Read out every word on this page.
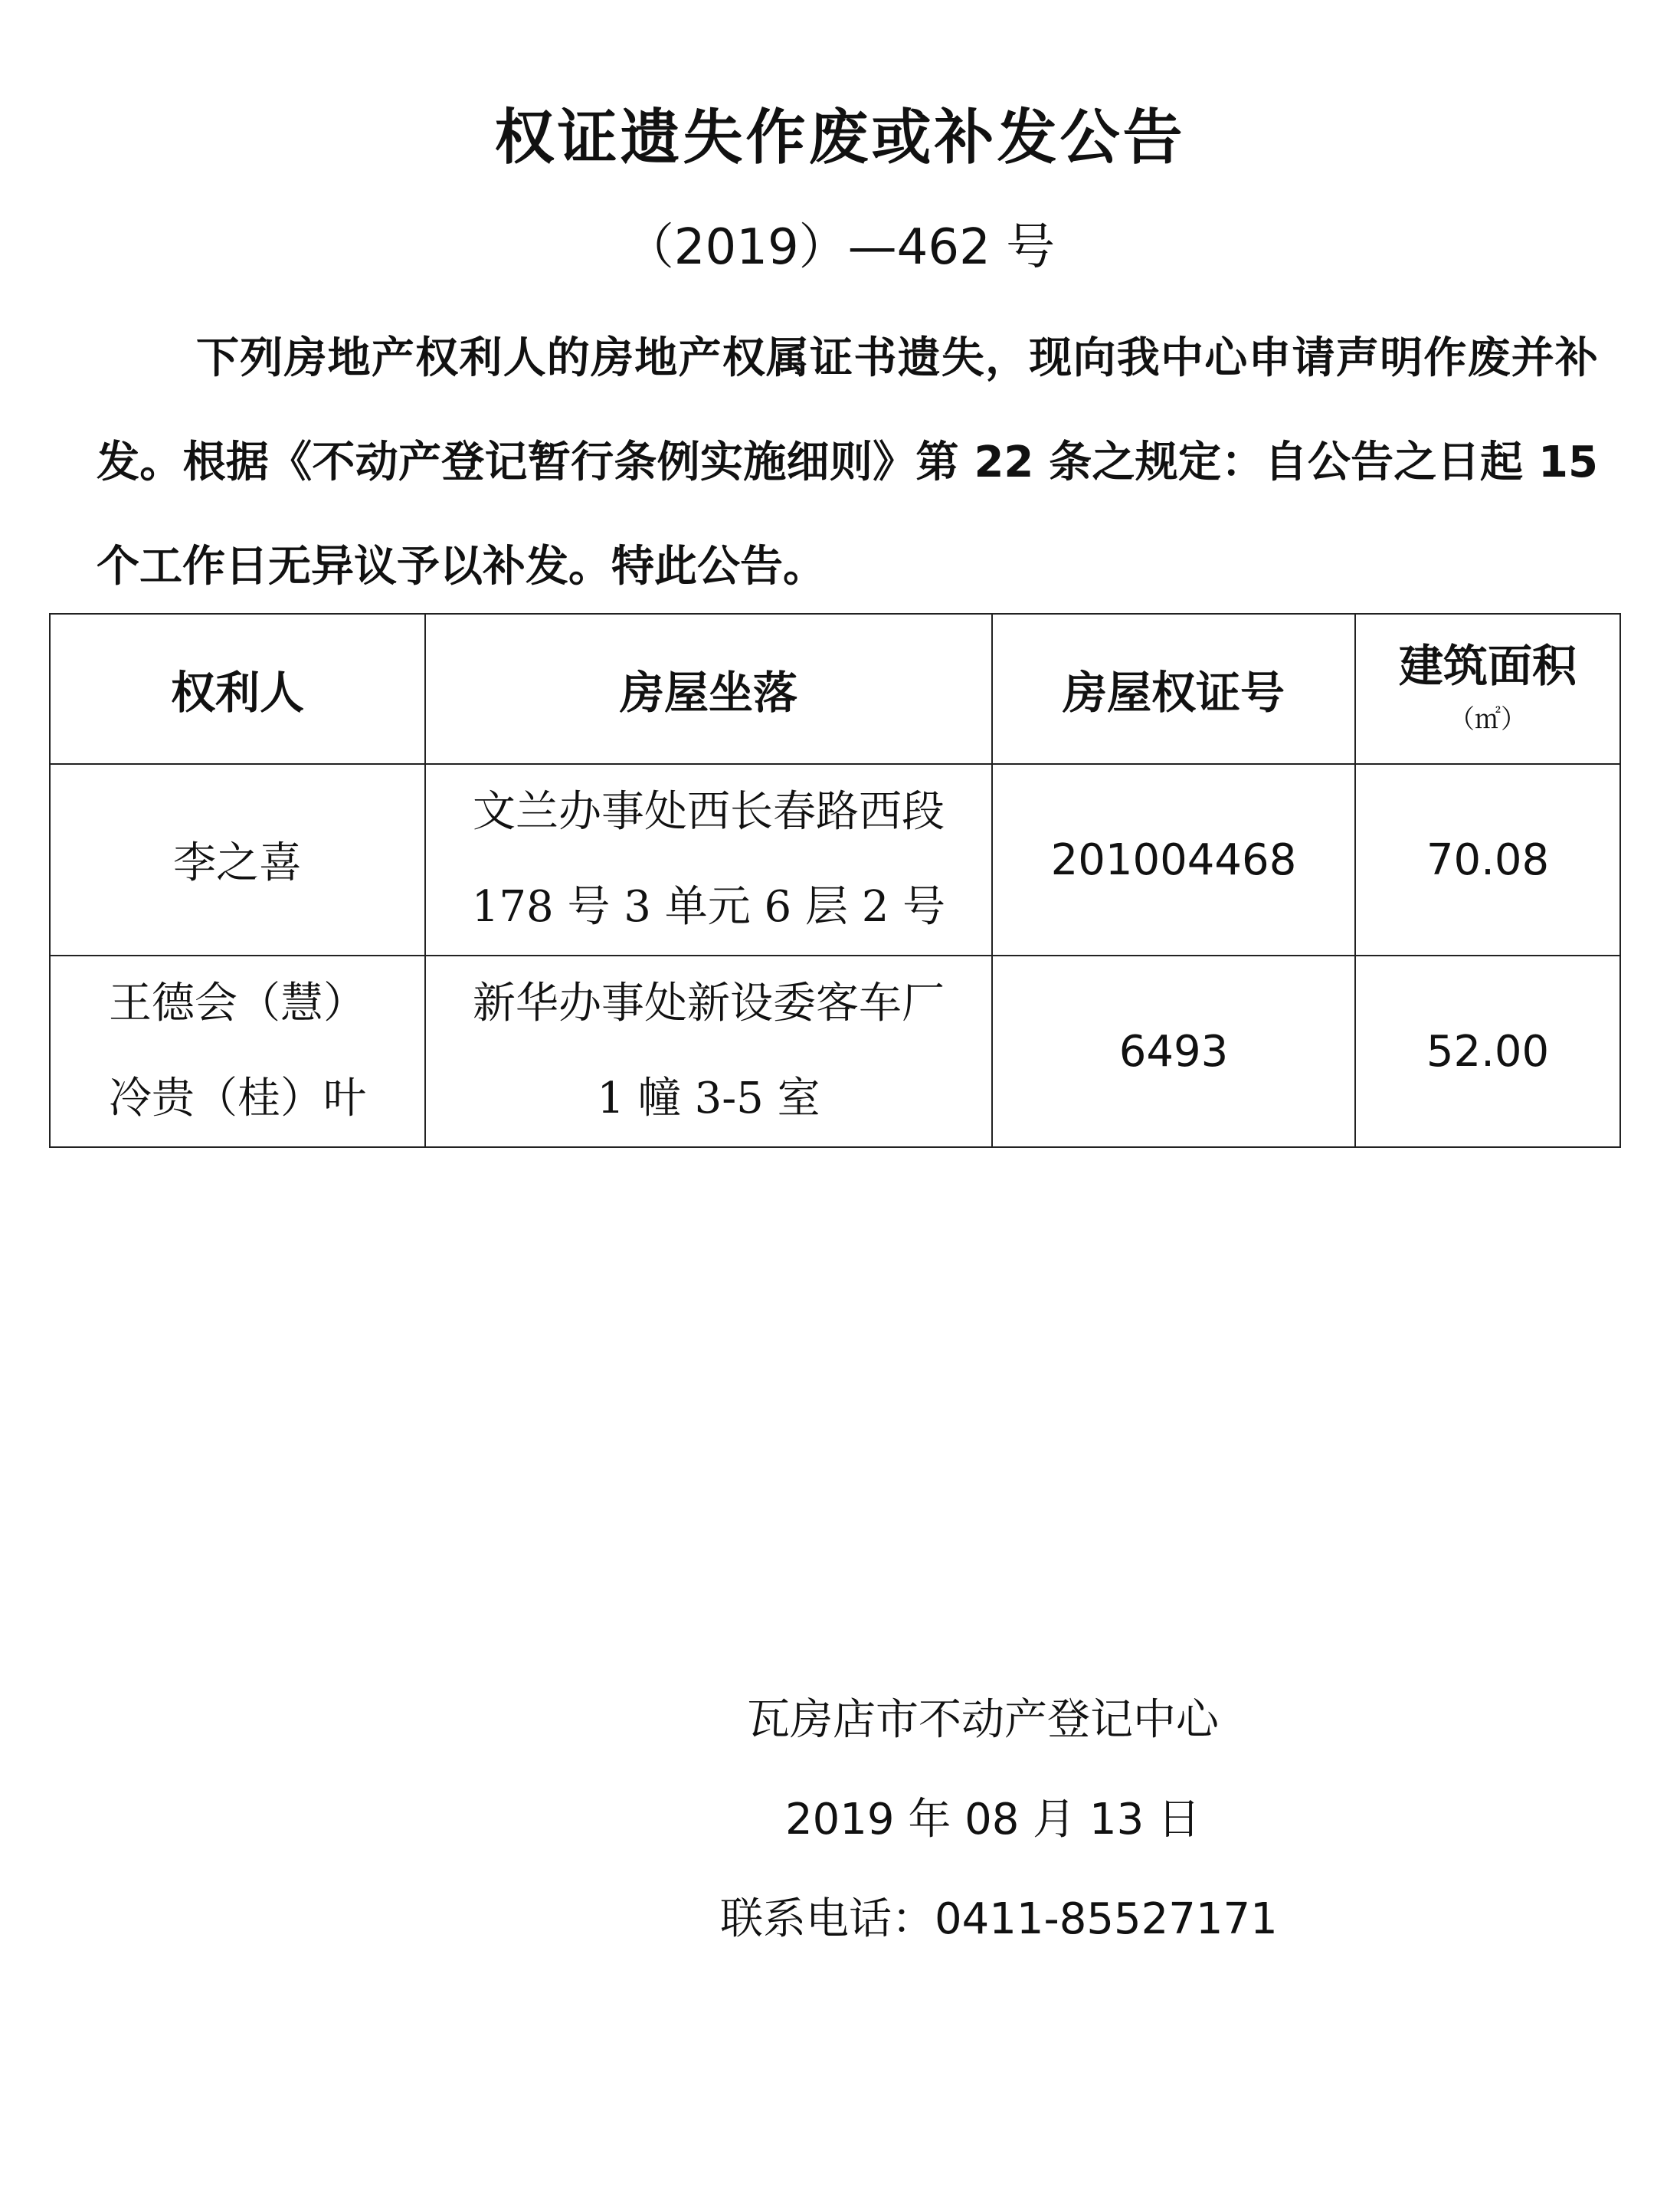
权证遗失作废或补发公告
（2019）—462 号

下列房地产权利人的房地产权属证书遗失，现向我中心申请声明作废并补发。根据《不动产登记暂行条例实施细则》第 22 条之规定：自公告之日起 15 个工作日无异议予以补发。特此公告。

权利人	房屋坐落	房屋权证号	建筑面积
（㎡）

李之喜	文兰办事处西长春路西段
178 号 3 单元 6 层 2 号	201004468	70.08

王德会（慧）
冷贵（桂）叶	新华办事处新设委客车厂
1 幢 3-5 室	6493	52.00
瓦房店市不动产登记中心
2019 年 08 月 13 日
联系电话：0411-85527171
